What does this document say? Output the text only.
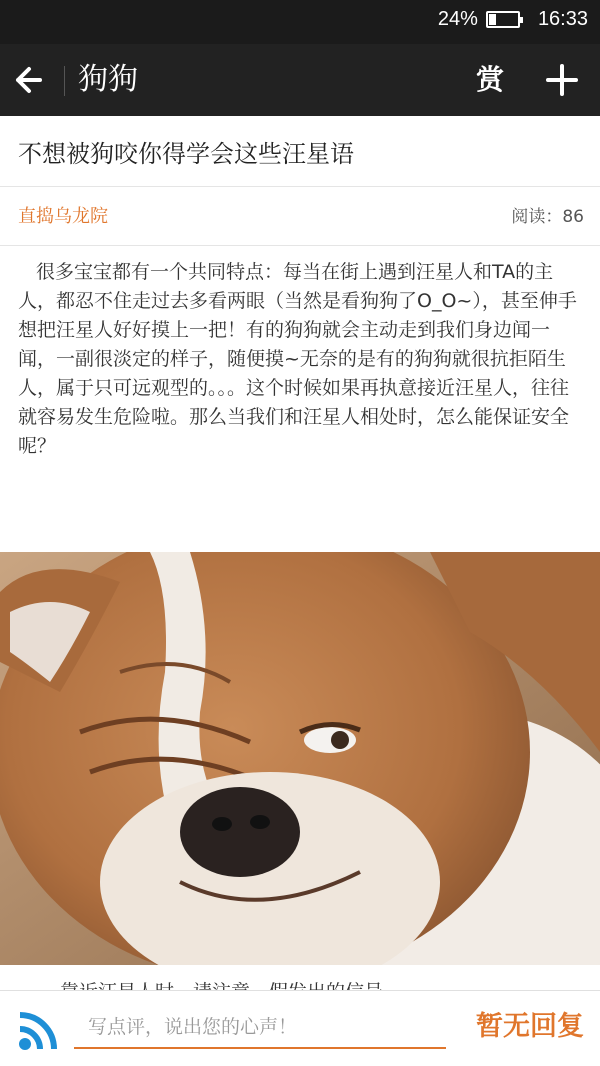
24%	16:33
狗狗	赏
不想被狗咬你得学会这些汪星语
直捣乌龙院	阅读：86

很多宝宝都有一个共同特点：每当在街上遇到汪星人和TA的主人，都忍不住走过去多看两眼（当然是看狗狗了O_O~），甚至伸手想把汪星人好好摸上一把！有的狗狗就会主动走到我们身边闻一闻，一副很淡定的样子，随便摸~无奈的是有的狗狗就很抗拒陌生人，属于只可远观型的。。。这个时候如果再执意接近汪星人，往往就容易发生危险啦。那么当我们和汪星人相处时，怎么能保证安全呢？

写点评，说出您的心声！
暂无回复
